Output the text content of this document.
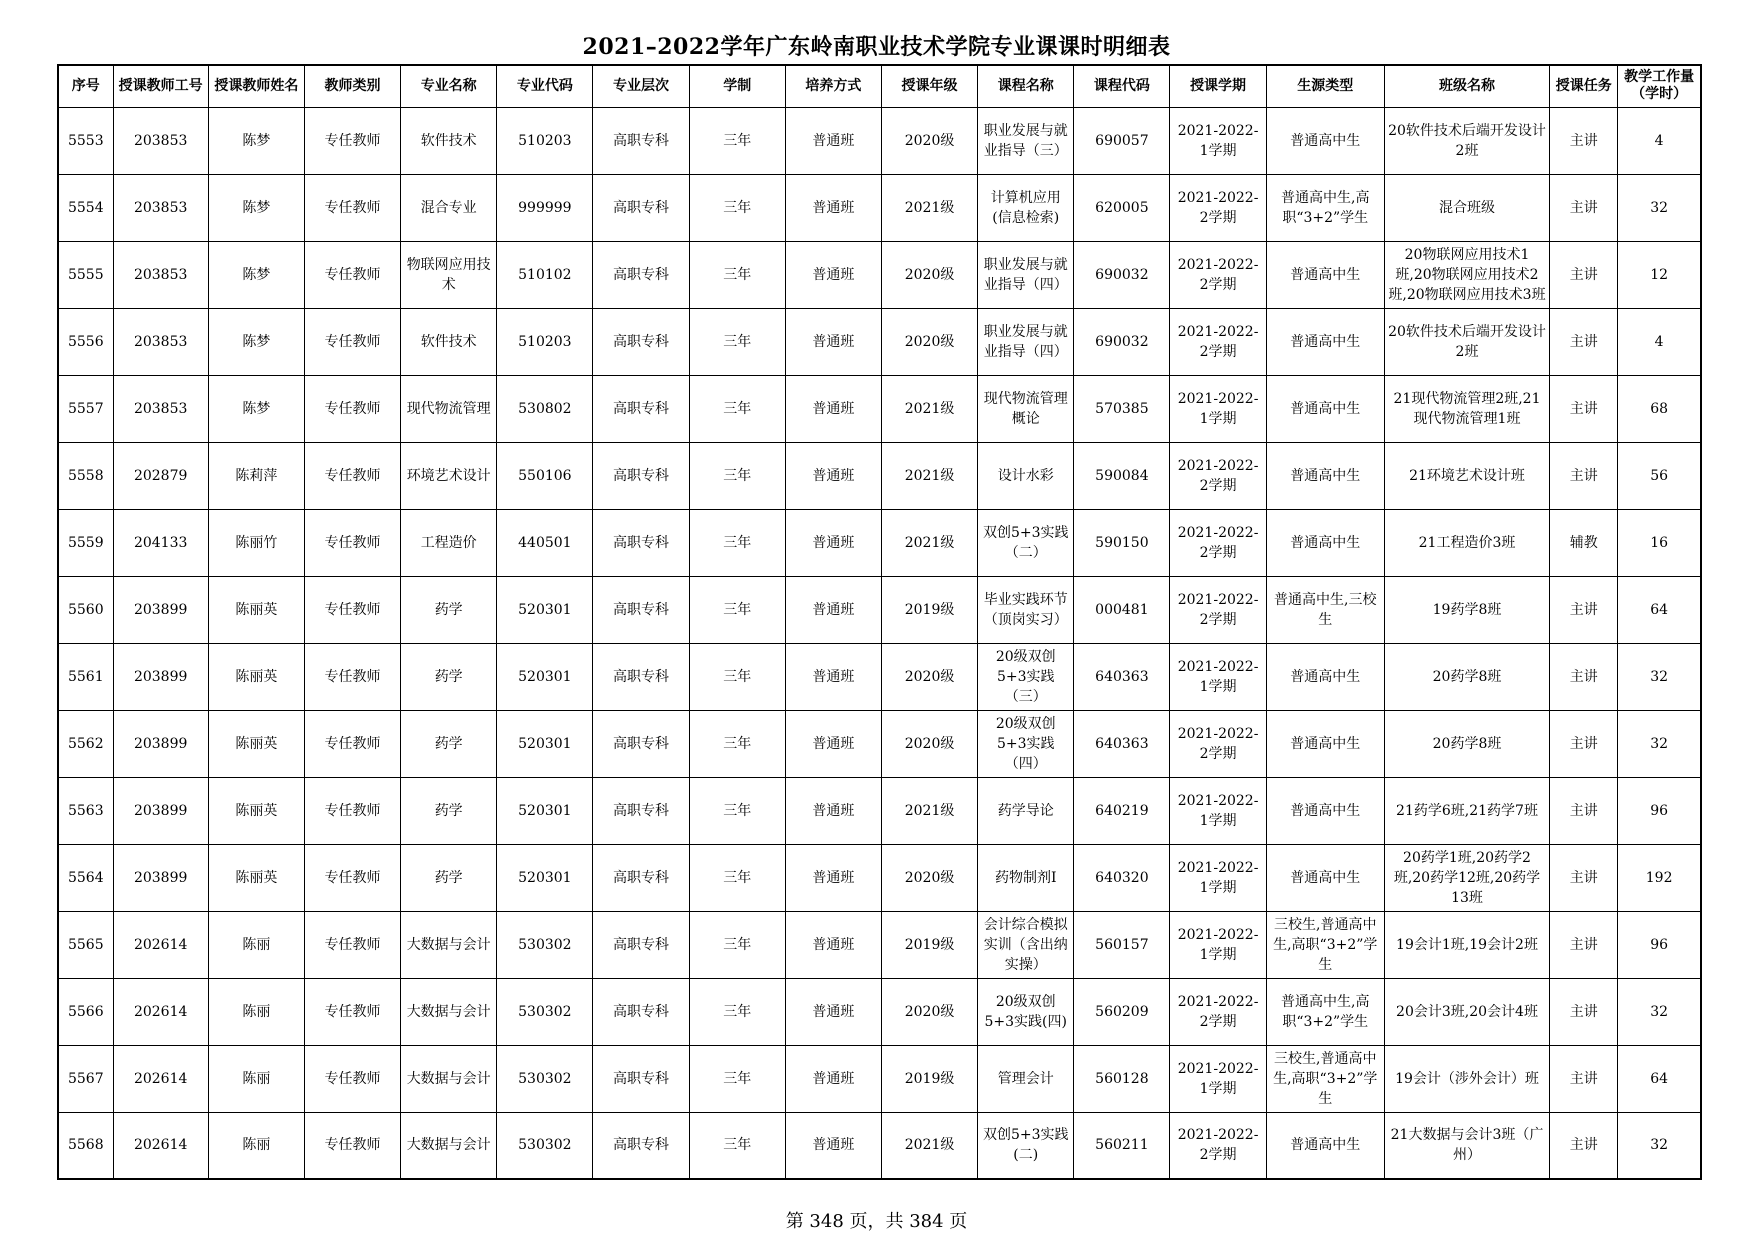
2021–2022学年广东岭南职业技术学院专业课课时明细表
序号	授课教师工号	授课教师姓名	教师类别	专业名称	专业代码	专业层次	学制	培养方式	授课年级	课程名称	课程代码	授课学期	生源类型	班级名称	授课任务	教学工作量（学时）

5553	203853	陈梦	专任教师	软件技术	510203	高职专科	三年	普通班	2020级	职业发展与就业指导（三）	690057	2021-2022-1学期	普通高中生	20软件技术后端开发设计2班	主讲	4

5554	203853	陈梦	专任教师	混合专业	999999	高职专科	三年	普通班	2021级	计算机应用(信息检索)	620005	2021-2022-2学期	普通高中生,高职“3+2”学生	混合班级	主讲	32

5555	203853	陈梦	专任教师	物联网应用技术	510102	高职专科	三年	普通班	2020级	职业发展与就业指导（四）	690032	2021-2022-2学期	普通高中生	20物联网应用技术1班,20物联网应用技术2班,20物联网应用技术3班	主讲	12

5556	203853	陈梦	专任教师	软件技术	510203	高职专科	三年	普通班	2020级	职业发展与就业指导（四）	690032	2021-2022-2学期	普通高中生	20软件技术后端开发设计2班	主讲	4

5557	203853	陈梦	专任教师	现代物流管理	530802	高职专科	三年	普通班	2021级	现代物流管理概论	570385	2021-2022-1学期	普通高中生	21现代物流管理2班,21现代物流管理1班	主讲	68

5558	202879	陈莉萍	专任教师	环境艺术设计	550106	高职专科	三年	普通班	2021级	设计水彩	590084	2021-2022-2学期	普通高中生	21环境艺术设计班	主讲	56

5559	204133	陈丽竹	专任教师	工程造价	440501	高职专科	三年	普通班	2021级	双创5+3实践（二）	590150	2021-2022-2学期	普通高中生	21工程造价3班	辅教	16

5560	203899	陈丽英	专任教师	药学	520301	高职专科	三年	普通班	2019级	毕业实践环节（顶岗实习）	000481	2021-2022-2学期	普通高中生,三校生	19药学8班	主讲	64

5561	203899	陈丽英	专任教师	药学	520301	高职专科	三年	普通班	2020级	20级双创5+3实践（三）	640363	2021-2022-1学期	普通高中生	20药学8班	主讲	32

5562	203899	陈丽英	专任教师	药学	520301	高职专科	三年	普通班	2020级	20级双创5+3实践（四）	640363	2021-2022-2学期	普通高中生	20药学8班	主讲	32

5563	203899	陈丽英	专任教师	药学	520301	高职专科	三年	普通班	2021级	药学导论	640219	2021-2022-1学期	普通高中生	21药学6班,21药学7班	主讲	96

5564	203899	陈丽英	专任教师	药学	520301	高职专科	三年	普通班	2020级	药物制剂I	640320	2021-2022-1学期	普通高中生	20药学1班,20药学2班,20药学12班,20药学13班	主讲	192

5565	202614	陈丽	专任教师	大数据与会计	530302	高职专科	三年	普通班	2019级	会计综合模拟实训（含出纳实操）	560157	2021-2022-1学期	三校生,普通高中生,高职“3+2”学生	19会计1班,19会计2班	主讲	96

5566	202614	陈丽	专任教师	大数据与会计	530302	高职专科	三年	普通班	2020级	20级双创5+3实践(四)	560209	2021-2022-2学期	普通高中生,高职“3+2”学生	20会计3班,20会计4班	主讲	32

5567	202614	陈丽	专任教师	大数据与会计	530302	高职专科	三年	普通班	2019级	管理会计	560128	2021-2022-1学期	三校生,普通高中生,高职“3+2”学生	19会计（涉外会计）班	主讲	64

5568	202614	陈丽	专任教师	大数据与会计	530302	高职专科	三年	普通班	2021级	双创5+3实践(二)	560211	2021-2022-2学期	普通高中生	21大数据与会计3班（广州）	主讲	32
第 348 页，共 384 页
